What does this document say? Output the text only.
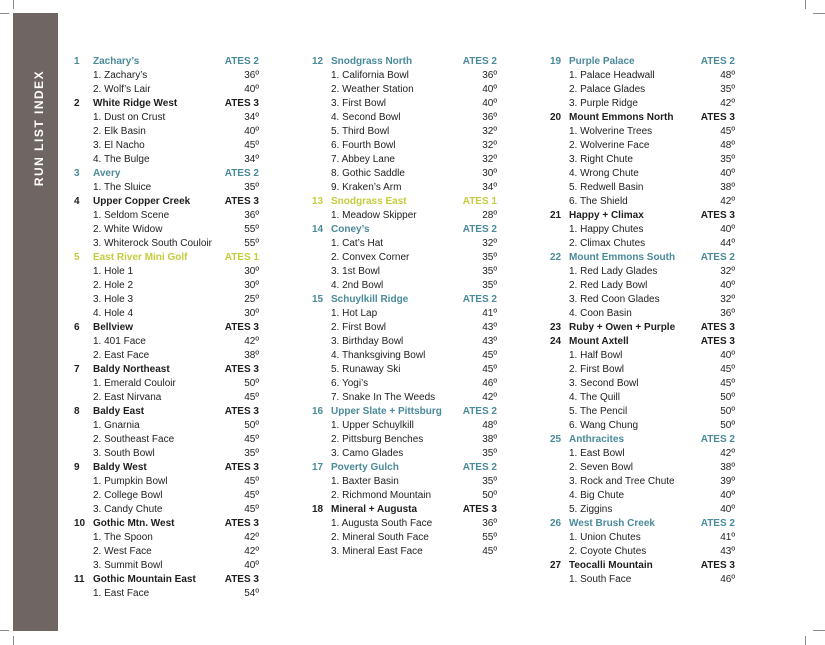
RUN LIST INDEX
1 Zachary’s	ATES 2
1. Zachary’s	36º
2. Wolf’s Lair	40º
2 White Ridge West	ATES 3
1. Dust on Crust	34º
2. Elk Basin	40º
3. El Nacho	45º
4. The Bulge	34º
3 Avery	ATES 2
1. The Sluice	35º
4 Upper Copper Creek	ATES 3
1. Seldom Scene	36º
2. White Widow	55º
3. Whiterock South Couloir	55º
5 East River Mini Golf	ATES 1
1. Hole 1	30º
2. Hole 2	30º
3. Hole 3	25º
4. Hole 4	30º
6 Bellview	ATES 3
1. 401 Face	42º
2. East Face	38º
7 Baldy Northeast	ATES 3
1. Emerald Couloir	50º
2. East Nirvana	45º
8 Baldy East	ATES 3
1. Gnarnia	50º
2. Southeast Face	45º
3. South Bowl	35º
9 Baldy West	ATES 3
1. Pumpkin Bowl	45º
2. College Bowl	45º
3. Candy Chute	45º
10 Gothic Mtn. West	ATES 3
1. The Spoon	42º
2. West Face	42º
3. Summit Bowl	40º
11 Gothic Mountain East	ATES 3
1. East Face	54º
12 Snodgrass North	ATES 2
1. California Bowl	36º
2. Weather Station	40º
3. First Bowl	40º
4. Second Bowl	36º
5. Third Bowl	32º
6. Fourth Bowl	32º
7. Abbey Lane	32º
8. Gothic Saddle	30º
9. Kraken’s Arm	34º
13 Snodgrass East	ATES 1
1. Meadow Skipper	28º
14 Coney’s	ATES 2
1. Cat’s Hat	32º
2. Convex Corner	35º
3. 1st Bowl	35º
4. 2nd Bowl	35º
15 Schuylkill Ridge	ATES 2
1. Hot Lap	41º
2. First Bowl	43º
3. Birthday Bowl	43º
4. Thanksgiving Bowl	45º
5. Runaway Ski	45º
6. Yogi’s	46º
7. Snake In The Weeds	42º
16 Upper Slate + Pittsburg ATES 2
1. Upper Schuylkill	48º
2. Pittsburg Benches	38º
3. Camo Glades	35º
17 Poverty Gulch	ATES 2
1. Baxter Basin	35º
2. Richmond Mountain	50º
18 Mineral + Augusta	ATES 3
1. Augusta South Face	36º
2. Mineral South Face	55º
3. Mineral East Face	45º
19 Purple Palace	ATES 2
1. Palace Headwall	48º
2. Palace Glades	35º
3. Purple Ridge	42º
20 Mount Emmons North	ATES 3
1. Wolverine Trees	45º
2. Wolverine Face	48º
3. Right Chute	35º
4. Wrong Chute	40º
5. Redwell Basin	38º
6. The Shield	42º
21 Happy + Climax	ATES 3
1. Happy Chutes	40º
2. Climax Chutes	44º
22 Mount Emmons South	ATES 2
1. Red Lady Glades	32º
2. Red Lady Bowl	40º
3. Red Coon Glades	32º
4. Coon Basin	36º
23 Ruby + Owen + Purple	ATES 3
24 Mount Axtell	ATES 3
1. Half Bowl	40º
2. First Bowl	45º
3. Second Bowl	45º
4. The Quill	50º
5. The Pencil	50º
6. Wang Chung	50º
25 Anthracites	ATES 2
1. East Bowl	42º
2. Seven Bowl	38º
3. Rock and Tree Chute	39º
4. Big Chute	40º
5. Ziggins	40º
26 West Brush Creek	ATES 2
1. Union Chutes	41º
2. Coyote Chutes	43º
27 Teocalli Mountain	ATES 3
1. South Face	46º
